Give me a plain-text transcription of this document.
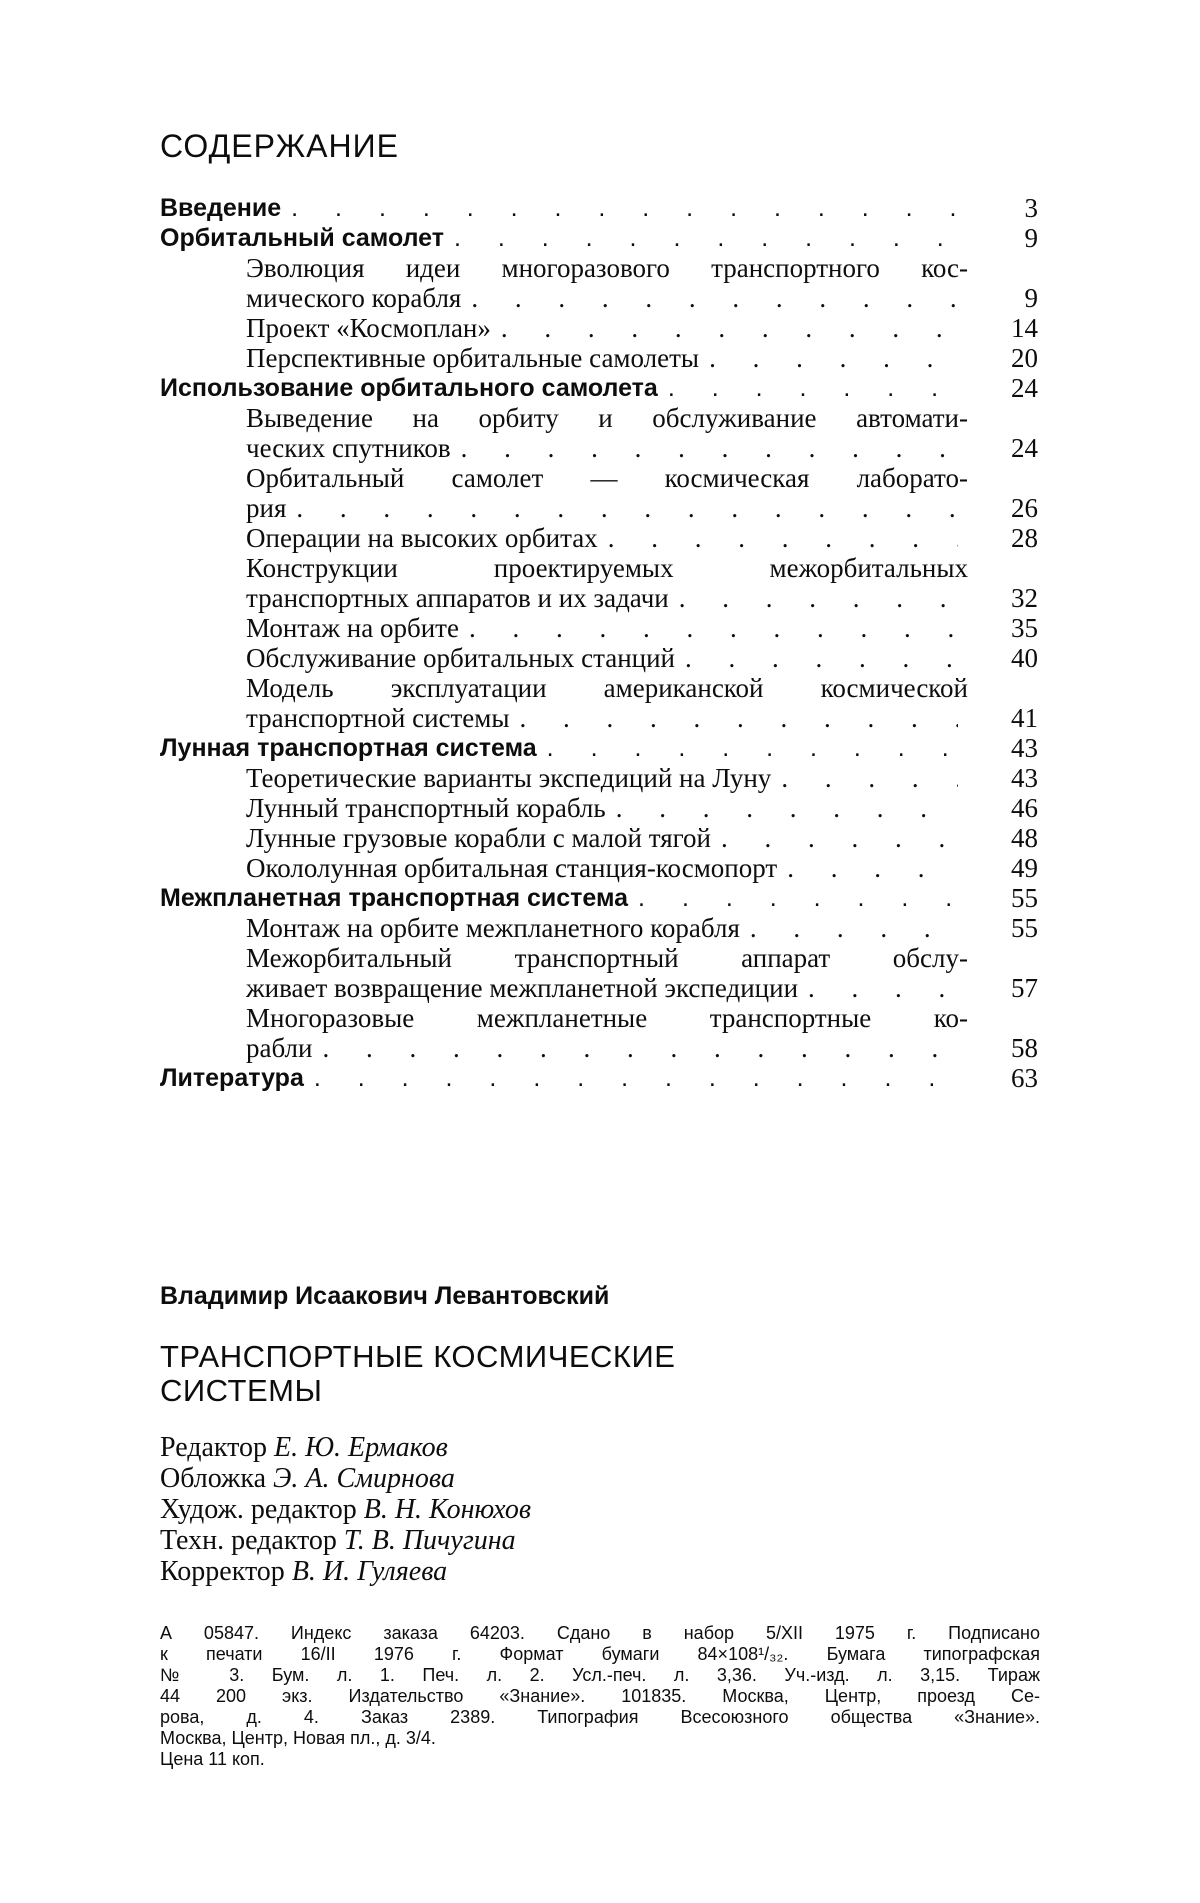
СОДЕРЖАНИЕ
Введение . . .	3
Орбитальный самолет . . .	9
Эволюция идеи многоразового транспортного кос-
мического корабля . . .	9
Проект «Космоплан» . . .	14
Перспективные орбитальные самолеты . . .	20
Использование орбитального самолета . . .	24
Выведение на орбиту и обслуживание автомати-
ческих спутников . . .	24
Орбитальный самолет — космическая лаборато-
рия . . .	26
Операции на высоких орбитах . . .	28
Конструкции проектируемых межорбитальных
транспортных аппаратов и их задачи . . .	32
Монтаж на орбите . . .	35
Обслуживание орбитальных станций . . .	40
Модель эксплуатации американской космической
транспортной системы . . .	41
Лунная транспортная система . . .	43
Теоретические варианты экспедиций на Луну . . .	43
Лунный транспортный корабль . . .	46
Лунные грузовые корабли с малой тягой . . .	48
Окололунная орбитальная станция-космопорт . . .	49
Межпланетная транспортная система . . .	55
Монтаж на орбите межпланетного корабля . . .	55
Межорбитальный транспортный аппарат обслу-
живает возвращение межпланетной экспедиции . . .	57
Многоразовые межпланетные транспортные ко-
рабли . . .	58
Литература . . .	63
Владимир Исаакович Левантовский
ТРАНСПОРТНЫЕ КОСМИЧЕСКИЕ
СИСТЕМЫ
Редактор Е. Ю. Ермаков
Обложка Э. А. Смирнова
Худож. редактор В. Н. Конюхов
Техн. редактор Т. В. Пичугина
Корректор В. И. Гуляева
А 05847. Индекс заказа 64203. Сдано в набор 5/XII 1975 г. Подписано
к печати 16/II 1976 г. Формат бумаги 84×108¹/₃₂. Бумага типографская
№ 3. Бум. л. 1. Печ. л. 2. Усл.-печ. л. 3,36. Уч.-изд. л. 3,15. Тираж
44 200 экз. Издательство «Знание». 101835. Москва, Центр, проезд Се-
рова, д. 4. Заказ 2389. Типография Всесоюзного общества «Знание».
Москва, Центр, Новая пл., д. 3/4.
Цена 11 коп.
